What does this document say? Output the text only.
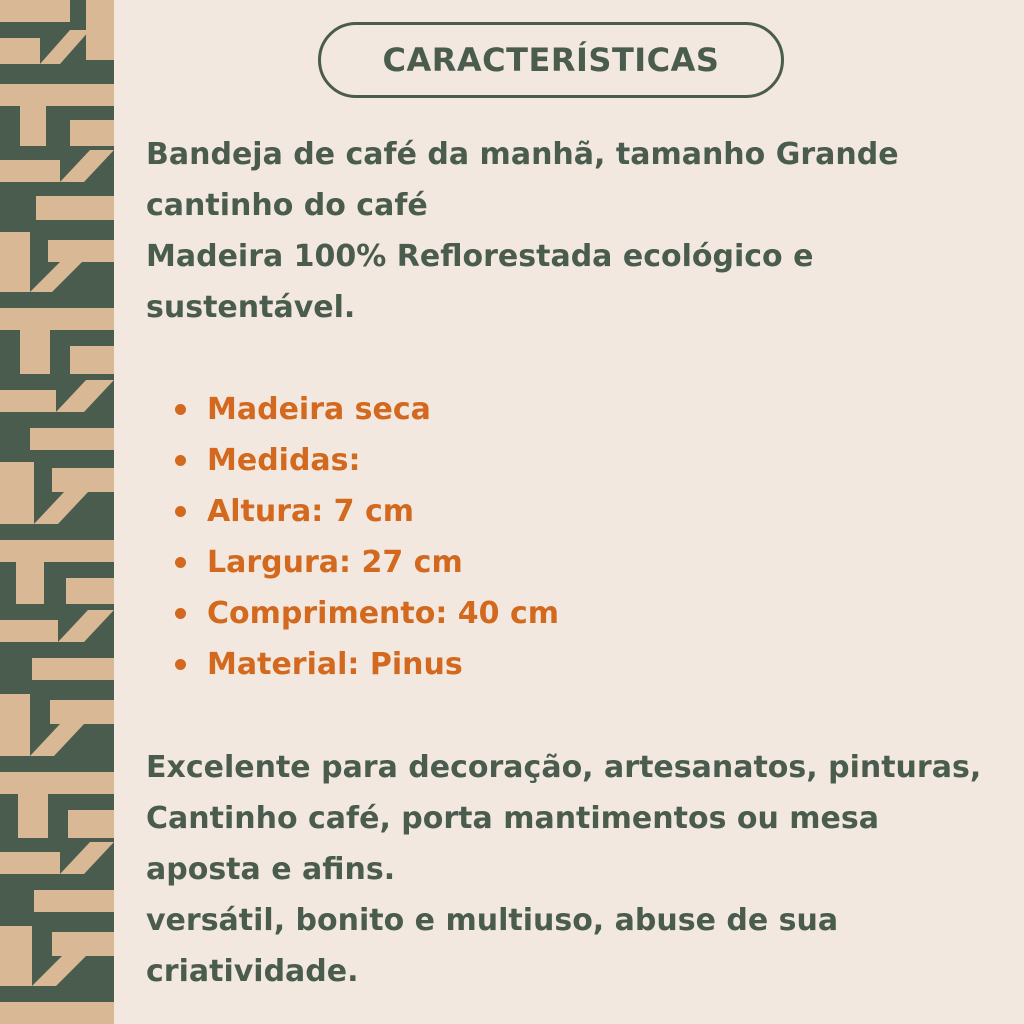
CARACTERÍSTICAS

Bandeja de café da manhã, tamanho Grande
cantinho do café
Madeira 100% Reflorestada ecológico e
sustentável.

Madeira seca
Medidas:
Altura: 7 cm
Largura: 27 cm
Comprimento: 40 cm
Material: Pinus

Excelente para decoração, artesanatos, pinturas,
Cantinho café, porta mantimentos ou mesa
aposta e afins.
versátil, bonito e multiuso, abuse de sua
criatividade.
